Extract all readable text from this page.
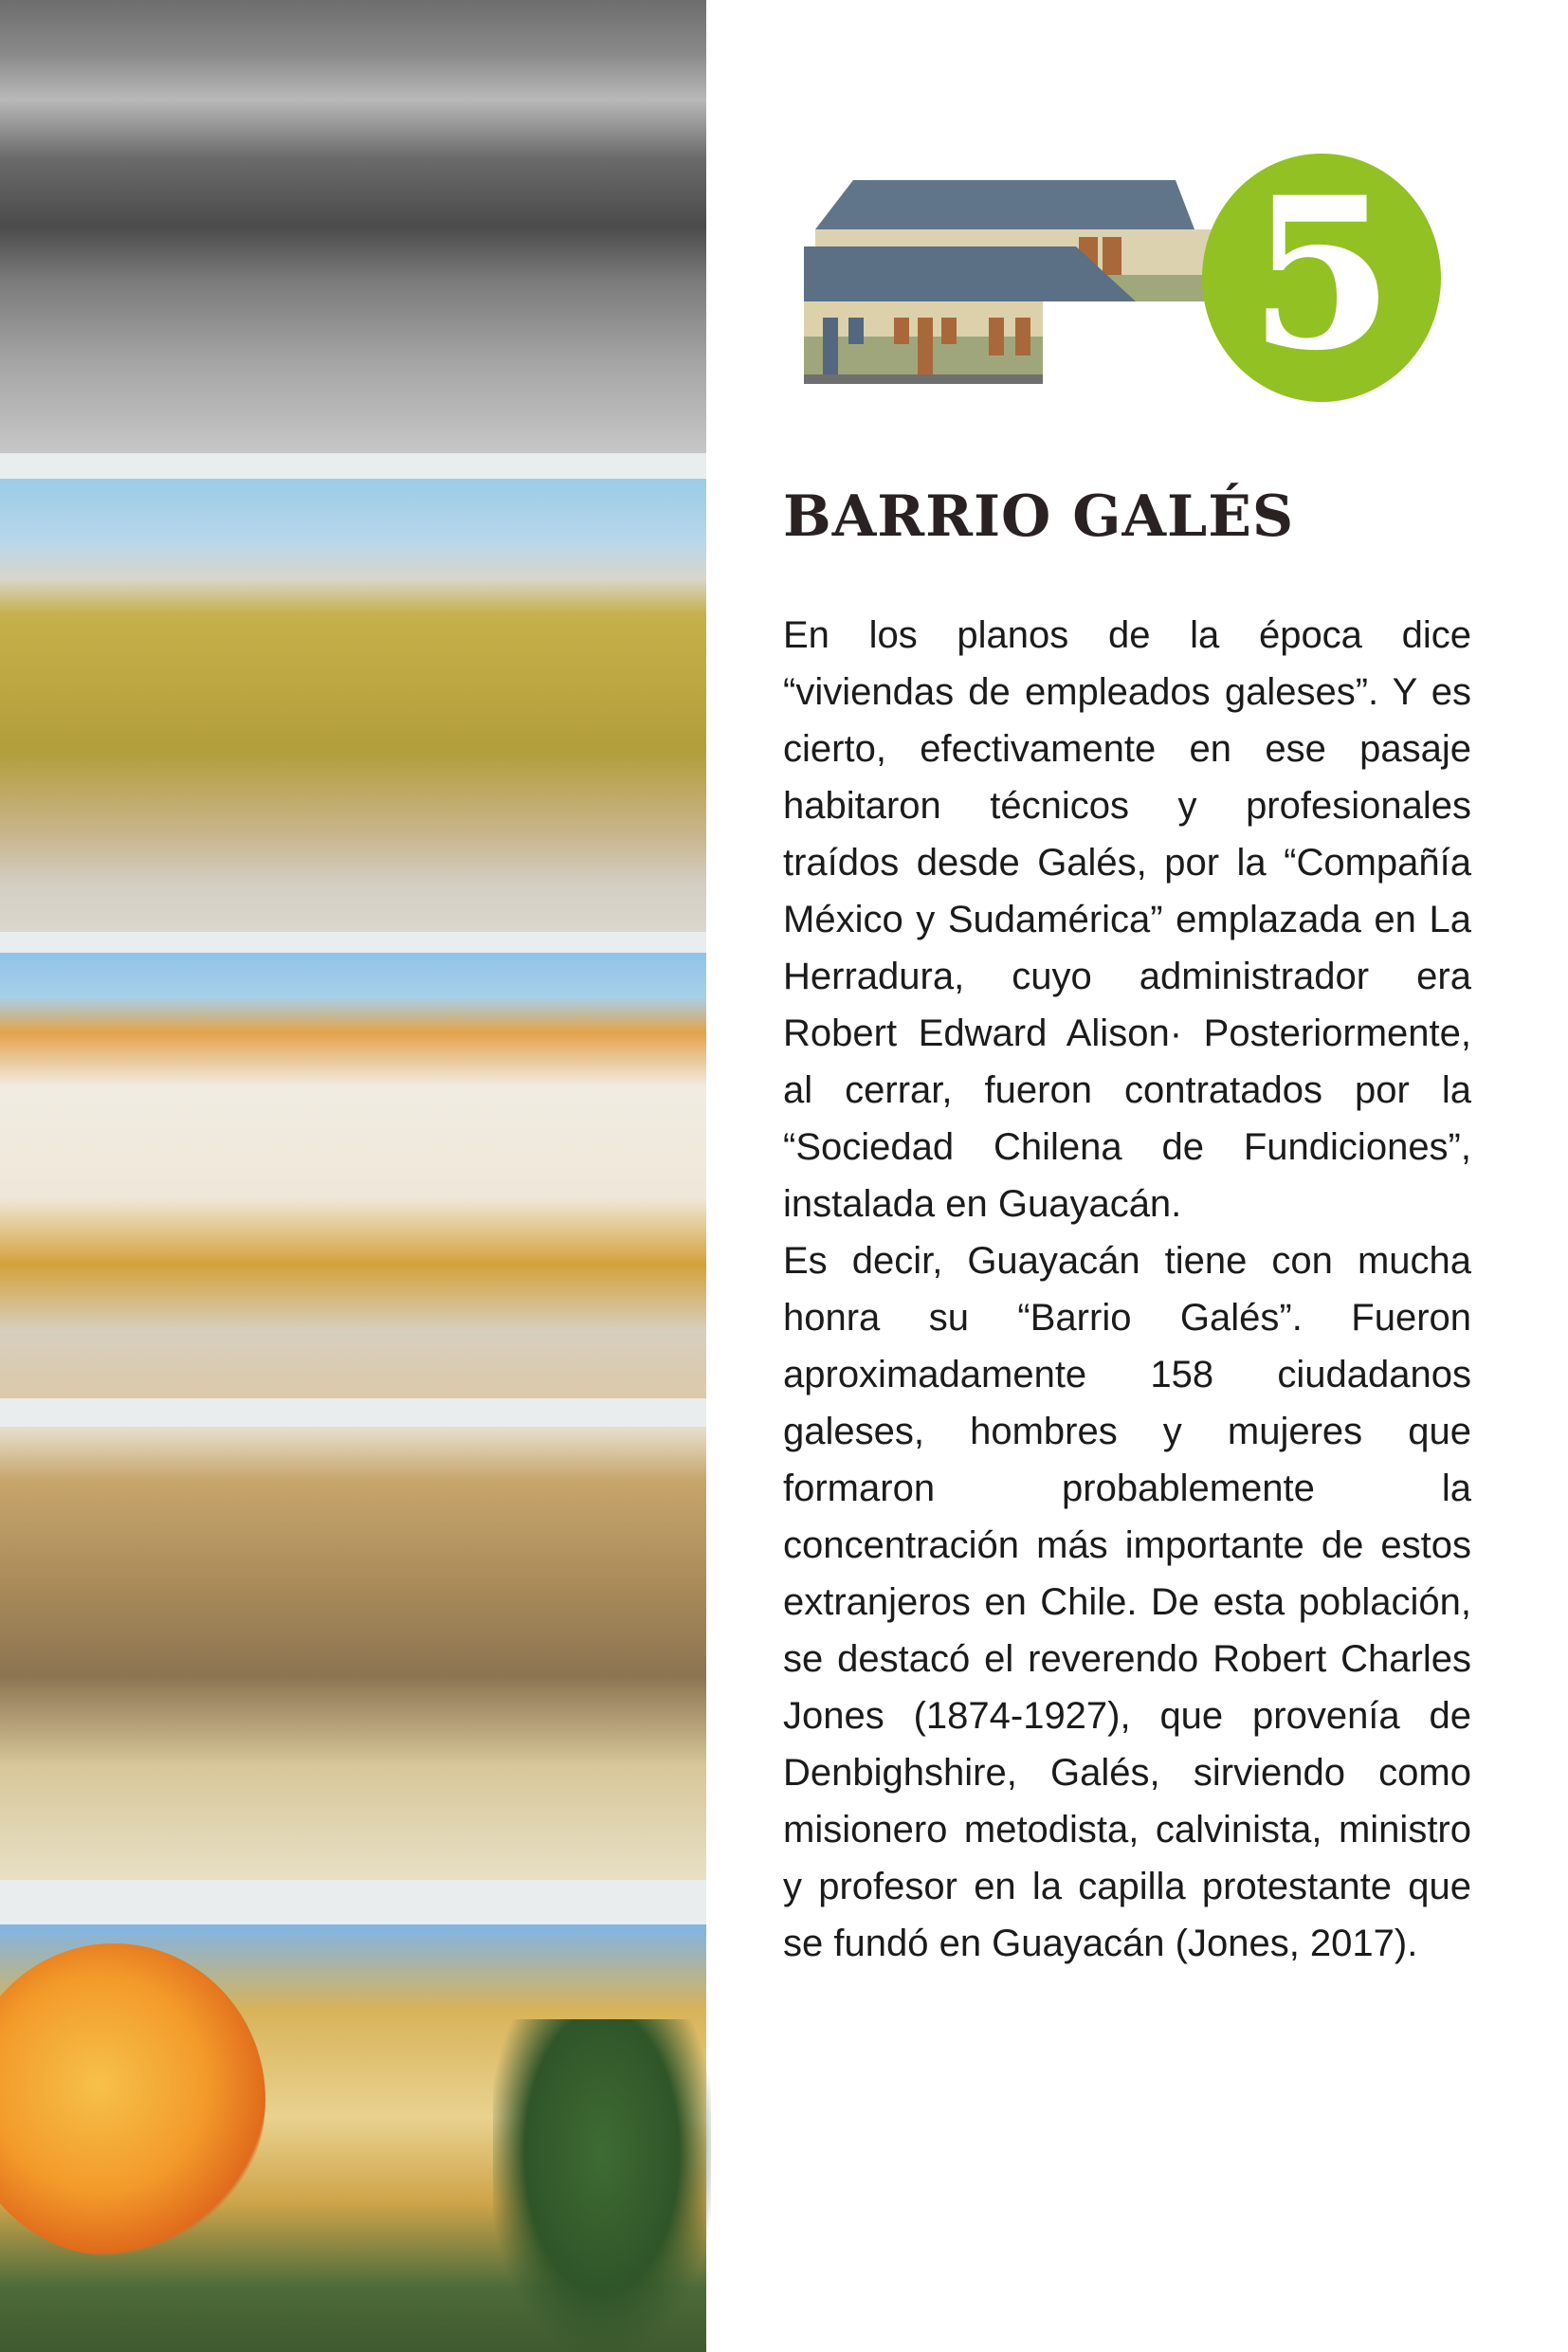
5
BARRIO GALÉS

En los planos de la época dice “viviendas de empleados galeses”. Y es cierto, efectivamente en ese pasaje habitaron técnicos y profesionales traídos desde Galés, por la “Compañía México y Sudamérica” emplazada en La Herradura, cuyo administrador era Robert Edward Alison· Posteriormente, al cerrar, fueron contratados por la “Sociedad Chilena de Fundiciones”, instalada en Guayacán.

Es decir, Guayacán tiene con mucha honra su “Barrio Galés”. Fueron aproximadamente 158 ciudadanos galeses, hombres y mujeres que formaron probablemente la concentración más importante de estos extranjeros en Chile. De esta población, se destacó el reverendo Robert Charles Jones (1874-1927), que provenía de Denbighshire, Galés, sirviendo como misionero metodista, calvinista, ministro y profesor en la capilla protestante que se fundó en Guayacán (Jones, 2017).
